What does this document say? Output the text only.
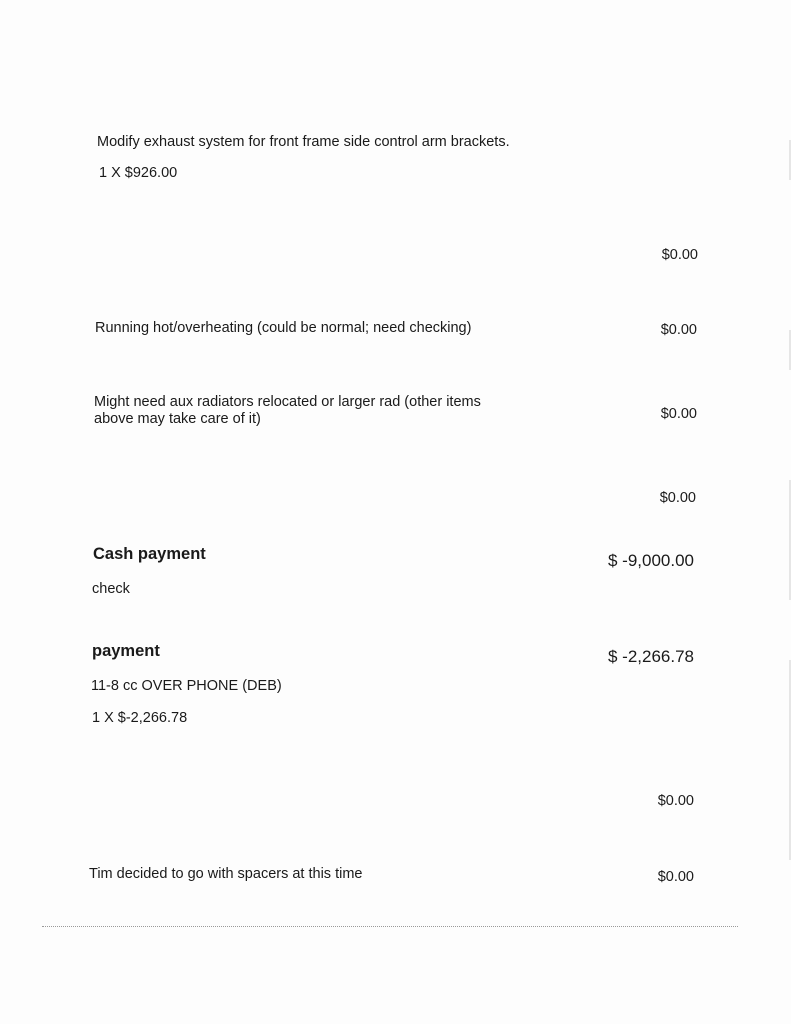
Modify exhaust system for front frame side control arm brackets.
1 X $926.00
$0.00
Running hot/overheating (could be normal; need checking)	$0.00
Might need aux radiators relocated or larger rad (other items above may take care of it)	$0.00
$0.00
Cash payment	$ -9,000.00
check
payment	$ -2,266.78
11-8 cc OVER PHONE (DEB)
1 X $-2,266.78
$0.00
Tim decided to go with spacers at this time	$0.00
